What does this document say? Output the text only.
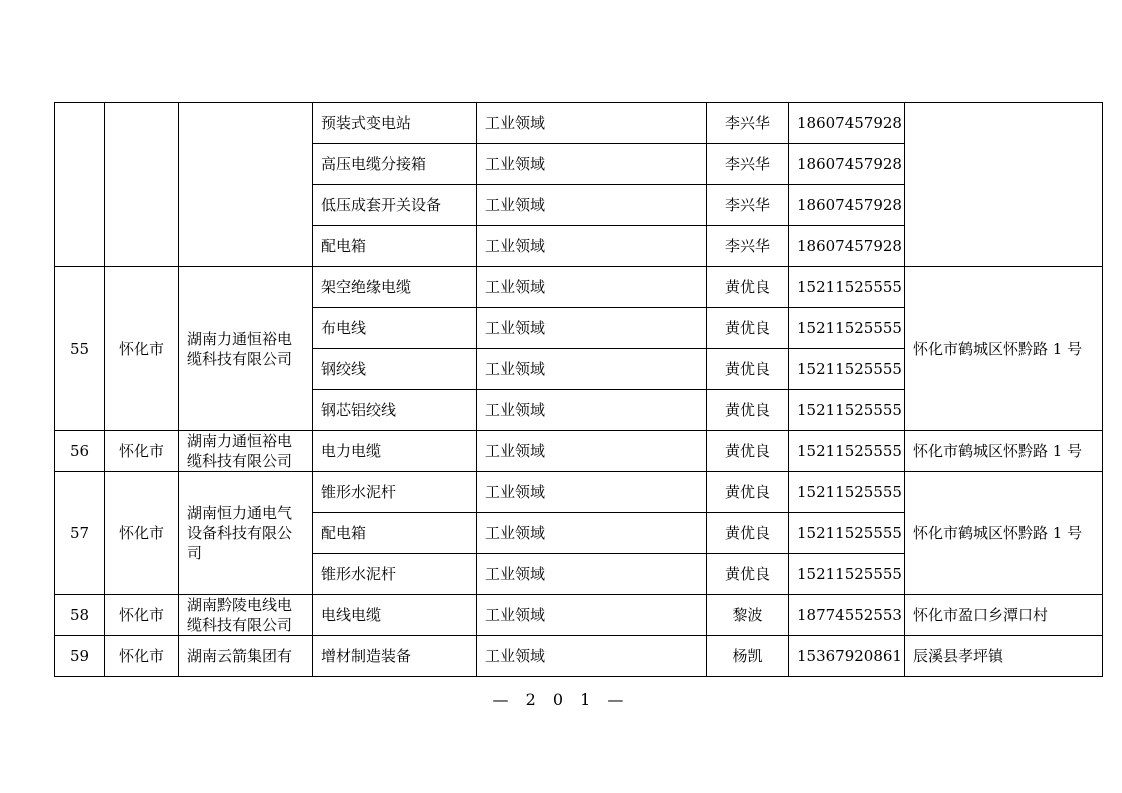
			预装式变电站	工业领域	李兴华	18607457928	
			高压电缆分接箱	工业领域	李兴华	18607457928	
			低压成套开关设备	工业领域	李兴华	18607457928	
			配电箱	工业领域	李兴华	18607457928	
55	怀化市	湖南力通恒裕电缆科技有限公司	架空绝缘电缆	工业领域	黄优良	15211525555	怀化市鹤城区怀黔路 1 号
			布电线	工业领域	黄优良	15211525555	
			钢绞线	工业领域	黄优良	15211525555	
			钢芯铝绞线	工业领域	黄优良	15211525555	
56	怀化市	湖南力通恒裕电缆科技有限公司	电力电缆	工业领域	黄优良	15211525555	怀化市鹤城区怀黔路 1 号
57	怀化市	湖南恒力通电气设备科技有限公司	锥形水泥杆	工业领域	黄优良	15211525555	怀化市鹤城区怀黔路 1 号
			配电箱	工业领域	黄优良	15211525555	
			锥形水泥杆	工业领域	黄优良	15211525555	
58	怀化市	湖南黔陵电线电缆科技有限公司	电线电缆	工业领域	黎波	18774552553	怀化市盈口乡潭口村
59	怀化市	湖南云箭集团有	增材制造装备	工业领域	杨凯	15367920861	辰溪县孝坪镇
— 2 0 1 —
